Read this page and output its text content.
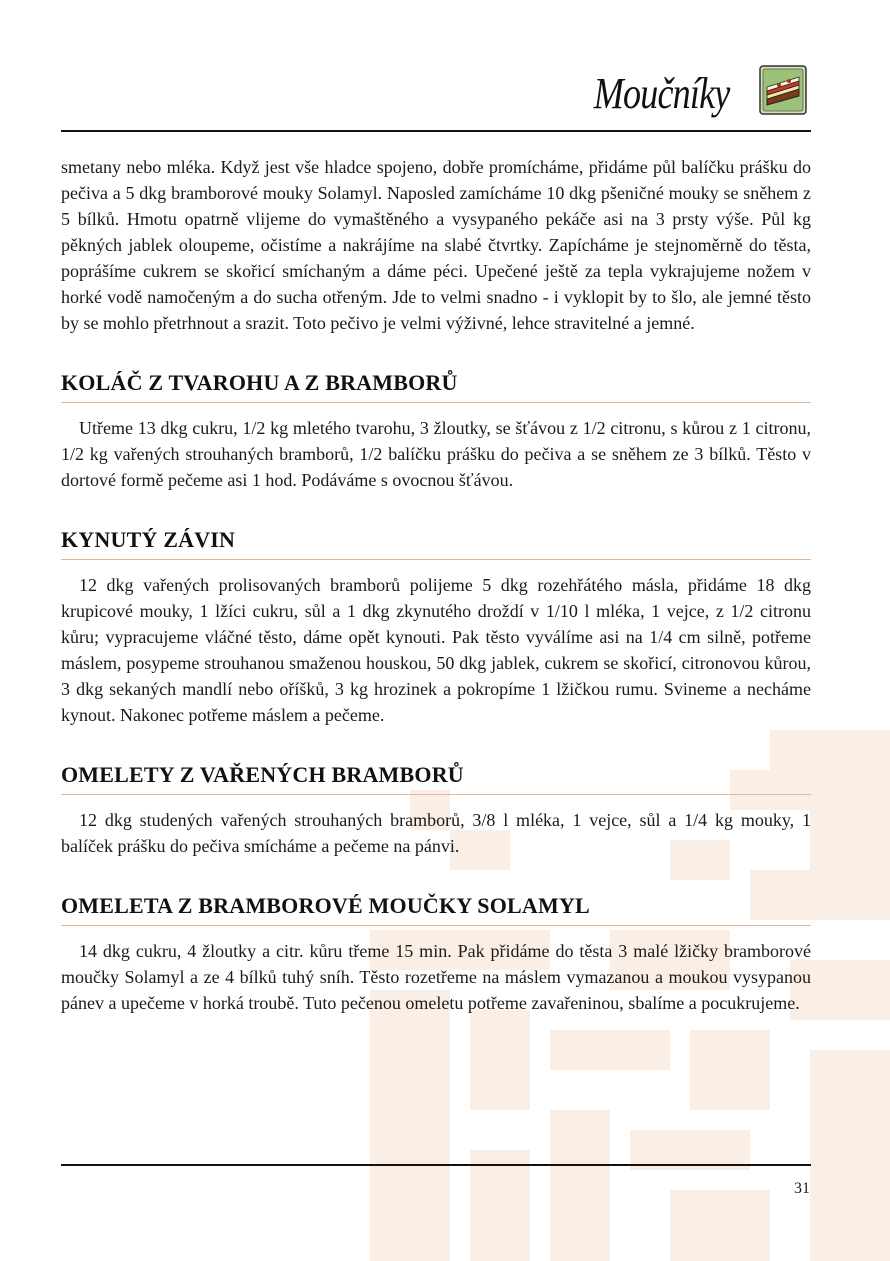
Moučníky

smetany nebo mléka. Když jest vše hladce spojeno, dobře promícháme, přidáme půl balíčku prášku do pečiva a 5 dkg bramborové mouky Solamyl. Naposled zamícháme 10 dkg pšeničné mouky se sněhem z 5 bílků. Hmotu opatrně vlijeme do vymaštěného a vysypaného pekáče asi na 3 prsty výše. Půl kg pěkných jablek oloupeme, očistíme a nakrájíme na slabé čtvrtky. Zapícháme je stejnoměrně do těsta, poprášíme cukrem se skořicí smíchaným a dáme péci. Upečené ještě za tepla vykrajujeme nožem v horké vodě namočeným a do sucha otřeným. Jde to velmi snadno - i vyklopit by to šlo, ale jemné těsto by se mohlo přetrhnout a srazit. Toto pečivo je velmi výživné, lehce stravitelné a jemné.

KOLÁČ Z TVAROHU A Z BRAMBORŮ

Utřeme 13 dkg cukru, 1/2 kg mletého tvarohu, 3 žloutky, se šťávou z 1/2 citronu, s kůrou z 1 citronu, 1/2 kg vařených strouhaných bramborů, 1/2 balíčku prášku do pečiva a se sněhem ze 3 bílků. Těsto v dortové formě pečeme asi 1 hod. Podáváme s ovocnou šťávou.

KYNUTÝ ZÁVIN

12 dkg vařených prolisovaných bramborů polijeme 5 dkg rozehřátého másla, přidáme 18 dkg krupicové mouky, 1 lžíci cukru, sůl a 1 dkg zkynutého droždí v 1/10 l mléka, 1 vejce, z 1/2 citronu kůru; vypracujeme vláčné těsto, dáme opět kynouti. Pak těsto vyválíme asi na 1/4 cm silně, potřeme máslem, posypeme strouhanou smaženou houskou, 50 dkg jablek, cukrem se skořicí, citronovou kůrou, 3 dkg sekaných mandlí nebo oříšků, 3 kg hrozinek a pokropíme 1 lžičkou rumu. Svineme a necháme kynout. Nakonec potřeme máslem a pečeme.

OMELETY Z VAŘENÝCH BRAMBORŮ

12 dkg studených vařených strouhaných bramborů, 3/8 l mléka, 1 vejce, sůl a 1/4 kg mouky, 1 balíček prášku do pečiva smícháme a pečeme na pánvi.

OMELETA Z BRAMBOROVÉ MOUČKY SOLAMYL

14 dkg cukru, 4 žloutky a citr. kůru třeme 15 min. Pak přidáme do těsta 3 malé lžičky bramborové moučky Solamyl a ze 4 bílků tuhý sníh. Těsto rozetřeme na máslem vymazanou a moukou vysypanou pánev a upečeme v horká troubě. Tuto pečenou omeletu potřeme zavařeninou, sbalíme a pocukrujeme.

31
